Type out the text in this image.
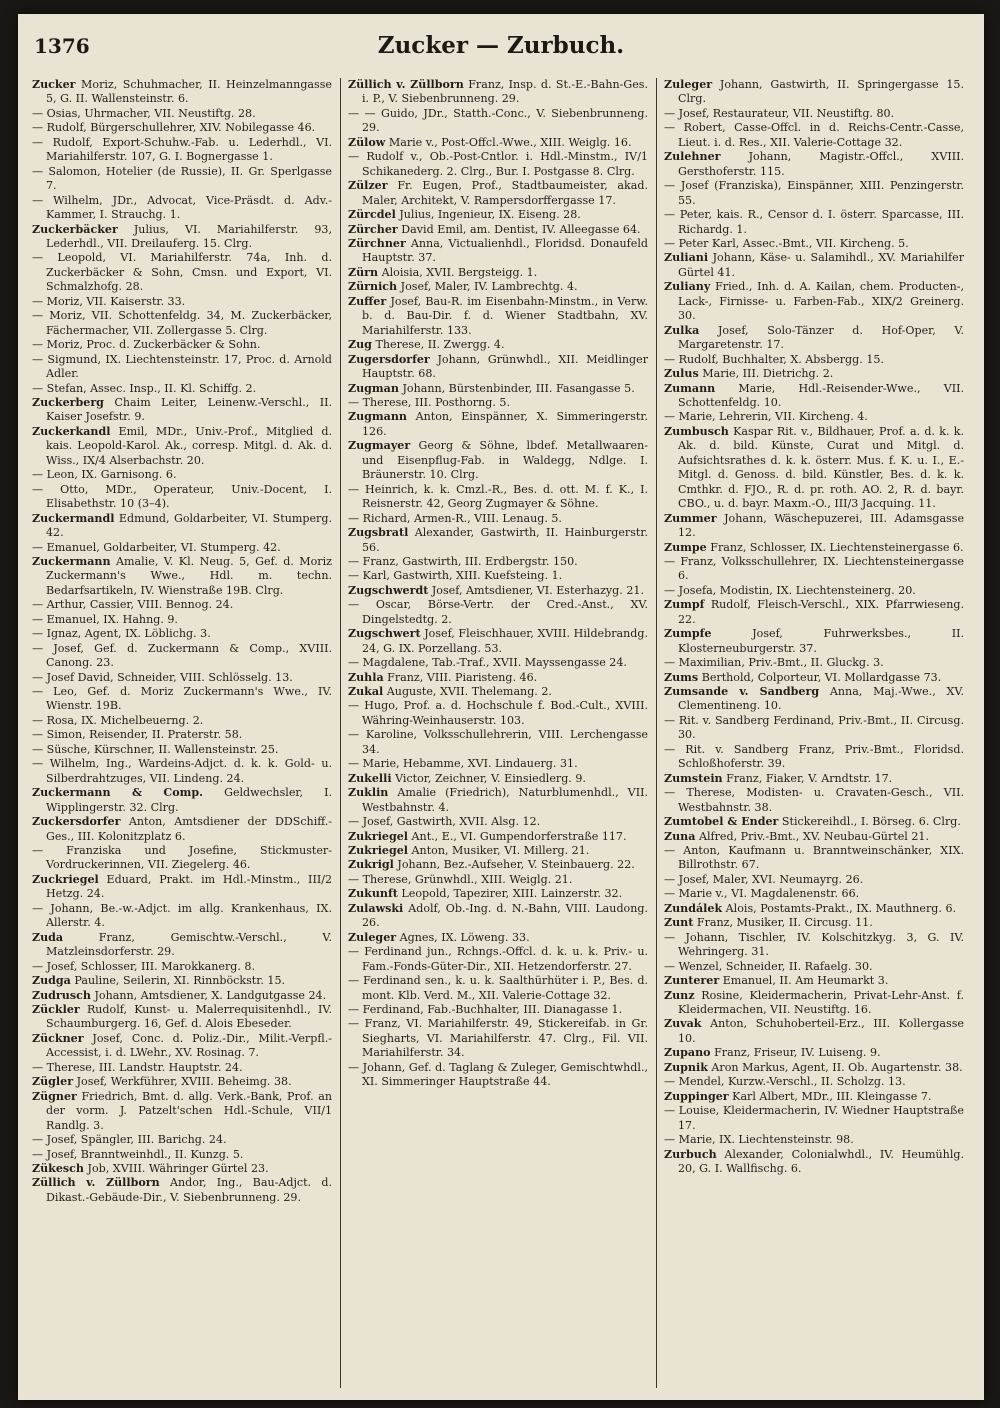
1376	Zucker — Zurbuch.

Zucker Moriz, Schuhmacher, II. Heinzelmanngasse 5, G. II. Wallensteinstr. 6.

— Osias, Uhrmacher, VII. Neustiftg. 28.

— Rudolf, Bürgerschullehrer, XIV. Nobilegasse 46.

— Rudolf, Export-Schuhw.-Fab. u. Lederhdl., VI. Mariahilferstr. 107, G. I. Bognergasse 1.

— Salomon, Hotelier (de Russie), II. Gr. Sperlgasse 7.

— Wilhelm, JDr., Advocat, Vice-Präsdt. d. Adv.-Kammer, I. Strauchg. 1.

Zuckerbäcker Julius, VI. Mariahilferstr. 93, Lederhdl., VII. Dreilauferg. 15. Clrg.

— Leopold, VI. Mariahilferstr. 74a, Inh. d. Zuckerbäcker & Sohn, Cmsn. und Export, VI. Schmalzhofg. 28.

— Moriz, VII. Kaiserstr. 33.

— Moriz, VII. Schottenfeldg. 34, M. Zuckerbäcker, Fächermacher, VII. Zollergasse 5. Clrg.

— Moriz, Proc. d. Zuckerbäcker & Sohn.

— Sigmund, IX. Liechtensteinstr. 17, Proc. d. Arnold Adler.

— Stefan, Assec. Insp., II. Kl. Schiffg. 2.

Zuckerberg Chaim Leiter, Leinenw.-Verschl., II. Kaiser Josefstr. 9.

Zuckerkandl Emil, MDr., Univ.-Prof., Mitglied d. kais. Leopold-Karol. Ak., corresp. Mitgl. d. Ak. d. Wiss., IX/4 Alserbachstr. 20.

— Leon, IX. Garnisong. 6.

— Otto, MDr., Operateur, Univ.-Docent, I. Elisabethstr. 10 (3–4).

Zuckermandl Edmund, Goldarbeiter, VI. Stumperg. 42.

— Emanuel, Goldarbeiter, VI. Stumperg. 42.

Zuckermann Amalie, V. Kl. Neug. 5, Gef. d. Moriz Zuckermann's Wwe., Hdl. m. techn. Bedarfsartikeln, IV. Wienstraße 19B. Clrg.

— Arthur, Cassier, VIII. Bennog. 24.

— Emanuel, IX. Hahng. 9.

— Ignaz, Agent, IX. Löblichg. 3.

— Josef, Gef. d. Zuckermann & Comp., XVIII. Canong. 23.

— Josef David, Schneider, VIII. Schlösselg. 13.

— Leo, Gef. d. Moriz Zuckermann's Wwe., IV. Wienstr. 19B.

— Rosa, IX. Michelbeuerng. 2.

— Simon, Reisender, II. Praterstr. 58.

— Süsche, Kürschner, II. Wallensteinstr. 25.

— Wilhelm, Ing., Wardeins-Adjct. d. k. k. Gold- u. Silberdrahtzuges, VII. Lindeng. 24.

Zuckermann & Comp. Geldwechsler, I. Wipplingerstr. 32. Clrg.

Zuckersdorfer Anton, Amtsdiener der DDSchiff.-Ges., III. Kolonitzplatz 6.

— Franziska und Josefine, Stickmuster-Vordruckerinnen, VII. Ziegelerg. 46.

Zuckriegel Eduard, Prakt. im Hdl.-Minstm., III/2 Hetzg. 24.

— Johann, Be.-w.-Adjct. im allg. Krankenhaus, IX. Allerstr. 4.

Zuda	Franz, Gemischtw.-Verschl., V. Matzleinsdorferstr. 29.

— Josef, Schlosser, III. Marokkanerg. 8.

Zudga Pauline, Seilerin, XI. Rinnböckstr. 15.

Zudrusch Johann, Amtsdiener, X. Landgutgasse 24.

Zückler Rudolf, Kunst- u. Malerrequisitenhdl., IV. Schaumburgerg. 16, Gef. d. Alois Ebeseder.

Zückner Josef, Conc. d. Poliz.-Dir., Milit.-Verpfl.-Accessist, i. d. LWehr., XV. Rosinag. 7.

— Therese, III. Landstr. Hauptstr. 24.

Zügler Josef, Werkführer, XVIII. Beheimg. 38.

Zügner Friedrich, Bmt. d. allg. Verk.-Bank, Prof. an der vorm. J. Patzelt'schen Hdl.-Schule, VII/1 Randlg. 3.

— Josef, Spängler, III. Barichg. 24.

— Josef, Branntweinhdl., II. Kunzg. 5.

Zükesch Job, XVIII. Währinger Gürtel 23.

Züllich v. Züllborn Andor, Ing., Bau-Adjct. d. Dikast.-Gebäude-Dir., V. Siebenbrunneng. 29.

Züllich v. Züllborn Franz, Insp. d. St.-E.-Bahn-Ges. i. P., V. Siebenbrunneng. 29.

— — Guido, JDr., Statth.-Conc., V. Siebenbrunneng. 29.

Zülow Marie v., Post-Offcl.-Wwe., XIII. Weiglg. 16.

— Rudolf v., Ob.-Post-Cntlor. i. Hdl.-Minstm., IV/1 Schikanederg. 2. Clrg., Bur. I. Postgasse 8. Clrg.

Zülzer Fr. Eugen, Prof., Stadtbaumeister, akad. Maler, Architekt, V. Rampersdorffergasse 17.

Zürcdel Julius, Ingenieur, IX. Eiseng. 28.

Zürcher David Emil, am. Dentist, IV. Alleegasse 64.

Zürchner Anna, Victualienhdl., Floridsd. Donaufeld Hauptstr. 37.

Zürn Aloisia, XVII. Bergsteigg. 1.

Zürnich Josef, Maler, IV. Lambrechtg. 4.

Zuffer Josef, Bau-R. im Eisenbahn-Minstm., in Verw. b. d. Bau-Dir. f. d. Wiener Stadtbahn, XV. Mariahilferstr. 133.

Zug Therese, II. Zwergg. 4.

Zugersdorfer Johann, Grünwhdl., XII. Meidlinger Hauptstr. 68.

Zugman Johann, Bürstenbinder, III. Fasangasse 5.

— Therese, III. Posthorng. 5.

Zugmann Anton, Einspänner, X. Simmeringerstr. 126.

Zugmayer Georg & Söhne, lbdef. Metallwaaren- und Eisenpflug-Fab. in Waldegg, Ndlge. I. Bräunerstr. 10. Clrg.

— Heinrich, k. k. Cmzl.-R., Bes. d. ott. M. f. K., I. Reisnerstr. 42, Georg Zugmayer & Söhne.

— Richard, Armen-R., VIII. Lenaug. 5.

Zugsbratl Alexander, Gastwirth, II. Hainburgerstr. 56.

— Franz, Gastwirth, III. Erdbergstr. 150.

— Karl, Gastwirth, XIII. Kuefsteing. 1.

Zugschwerdt Josef, Amtsdiener, VI. Esterhazyg. 21.

— Oscar, Börse-Vertr. der Cred.-Anst., XV. Dingelstedtg. 2.

Zugschwert Josef, Fleischhauer, XVIII. Hildebrandg. 24, G. IX. Porzellang. 53.

— Magdalene, Tab.-Traf., XVII. Mayssengasse 24.

Zuhla Franz, VIII. Piaristeng. 46.

Zukal Auguste, XVII. Thelemang. 2.

— Hugo, Prof. a. d. Hochschule f. Bod.-Cult., XVIII. Währing-Weinhauserstr. 103.

— Karoline, Volksschullehrerin, VIII. Lerchengasse 34.

— Marie, Hebamme, XVI. Lindauerg. 31.

Zukelli Victor, Zeichner, V. Einsiedlerg. 9.

Zuklin Amalie (Friedrich), Naturblumenhdl., VII. Westbahnstr. 4.

— Josef, Gastwirth, XVII. Alsg. 12.

Zukriegel Ant., E., VI. Gumpendorferstraße 117.

Zukriegel Anton, Musiker, VI. Millerg. 21.

Zukrigl Johann, Bez.-Aufseher, V. Steinbauerg. 22.

— Therese, Grünwhdl., XIII. Weiglg. 21.

Zukunft Leopold, Tapezirer, XIII. Lainzerstr. 32.

Zulawski Adolf, Ob.-Ing. d. N.-Bahn, VIII. Laudong. 26.

Zuleger Agnes, IX. Löweng. 33.

— Ferdinand jun., Rchngs.-Offcl. d. k. u. k. Priv.- u. Fam.-Fonds-Güter-Dir., XII. Hetzendorferstr. 27.

— Ferdinand sen., k. u. k. Saalthürhüter i. P., Bes. d. mont. Klb. Verd. M., XII. Valerie-Cottage 32.

— Ferdinand, Fab.-Buchhalter, III. Dianagasse 1.

— Franz, VI. Mariahilferstr. 49, Stickereifab. in Gr. Siegharts, VI. Mariahilferstr. 47. Clrg., Fil. VII. Mariahilferstr. 34.

— Johann, Gef. d. Taglang & Zuleger, Gemischtwhdl., XI. Simmeringer Hauptstraße 44.

Zuleger Johann, Gastwirth, II. Springergasse 15. Clrg.

— Josef, Restaurateur, VII. Neustiftg. 80.

— Robert, Casse-Offcl. in d. Reichs-Centr.-Casse, Lieut. i. d. Res., XII. Valerie-Cottage 32.

Zulehner	Johann, Magistr.-Offcl., XVIII. Gersthoferstr. 115.

— Josef (Franziska), Einspänner, XIII. Penzingerstr. 55.

— Peter, kais. R., Censor d. I. österr. Sparcasse, III. Richardg. 1.

— Peter Karl, Assec.-Bmt., VII. Kircheng. 5.

Zuliani Johann, Käse- u. Salamihdl., XV. Mariahilfer Gürtel 41.

Zuliany Fried., Inh. d. A. Kailan, chem. Producten-, Lack-, Firnisse- u. Farben-Fab., XIX/2 Greinerg. 30.

Zulka Josef, Solo-Tänzer d. Hof-Oper, V. Margaretenstr. 17.

— Rudolf, Buchhalter, X. Absbergg. 15.

Zulus Marie, III. Dietrichg. 2.

Zumann Marie, Hdl.-Reisender-Wwe., VII. Schottenfeldg. 10.

— Marie, Lehrerin, VII. Kircheng. 4.

Zumbusch Kaspar Rit. v., Bildhauer, Prof. a. d. k. k. Ak. d. bild. Künste, Curat und Mitgl. d. Aufsichtsrathes d. k. k. österr. Mus. f. K. u. I., E.-Mitgl. d. Genoss. d. bild. Künstler, Bes. d. k. k. Cmthkr. d. FJO., R. d. pr. roth. AO. 2, R. d. bayr. CBO., u. d. bayr. Maxm.-O., III/3 Jacquing. 11.

Zummer Johann, Wäschepuzerei, III. Adamsgasse 12.

Zumpe Franz, Schlosser, IX. Liechtensteinergasse 6.

— Franz, Volksschullehrer, IX. Liechtensteinergasse 6.

— Josefa, Modistin, IX. Liechtensteinerg. 20.

Zumpf Rudolf, Fleisch-Verschl., XIX. Pfarrwieseng. 22.

Zumpfe	Josef, Fuhrwerksbes., II. Klosterneuburgerstr. 37.

— Maximilian, Priv.-Bmt., II. Gluckg. 3.

Zums Berthold, Colporteur, VI. Mollardgasse 73.

Zumsande v. Sandberg Anna, Maj.-Wwe., XV. Clementineng. 10.

— Rit. v. Sandberg Ferdinand, Priv.-Bmt., II. Circusg. 30.

— Rit. v. Sandberg Franz, Priv.-Bmt., Floridsd. Schloßhoferstr. 39.

Zumstein Franz, Fiaker, V. Arndtstr. 17.

— Therese, Modisten- u. Cravaten-Gesch., VII. Westbahnstr. 38.

Zumtobel & Ender Stickereihdl., I. Börseg. 6. Clrg.

Zuna Alfred, Priv.-Bmt., XV. Neubau-Gürtel 21.

— Anton, Kaufmann u. Branntweinschänker, XIX. Billrothstr. 67.

— Josef, Maler, XVI. Neumayrg. 26.

— Marie v., VI. Magdalenenstr. 66.

Zundálek Alois, Postamts-Prakt., IX. Mauthnerg. 6.

Zunt Franz, Musiker, II. Circusg. 11.

— Johann, Tischler, IV. Kolschitzkyg. 3, G. IV. Wehringerg. 31.

— Wenzel, Schneider, II. Rafaelg. 30.

Zunterer Emanuel, II. Am Heumarkt 3.

Zunz Rosine, Kleidermacherin, Privat-Lehr-Anst. f. Kleidermachen, VII. Neustiftg. 16.

Zuvak Anton, Schuhoberteil-Erz., III. Kollergasse 10.

Zupano Franz, Friseur, IV. Luiseng. 9.

Zupnik Aron Markus, Agent, II. Ob. Augartenstr. 38.

— Mendel, Kurzw.-Verschl., II. Scholzg. 13.

Zuppinger Karl Albert, MDr., III. Kleingasse 7.

— Louise, Kleidermacherin, IV. Wiedner Hauptstraße 17.

— Marie, IX. Liechtensteinstr. 98.

Zurbuch Alexander, Colonialwhdl., IV. Heumühlg. 20, G. I. Wallfischg. 6.
